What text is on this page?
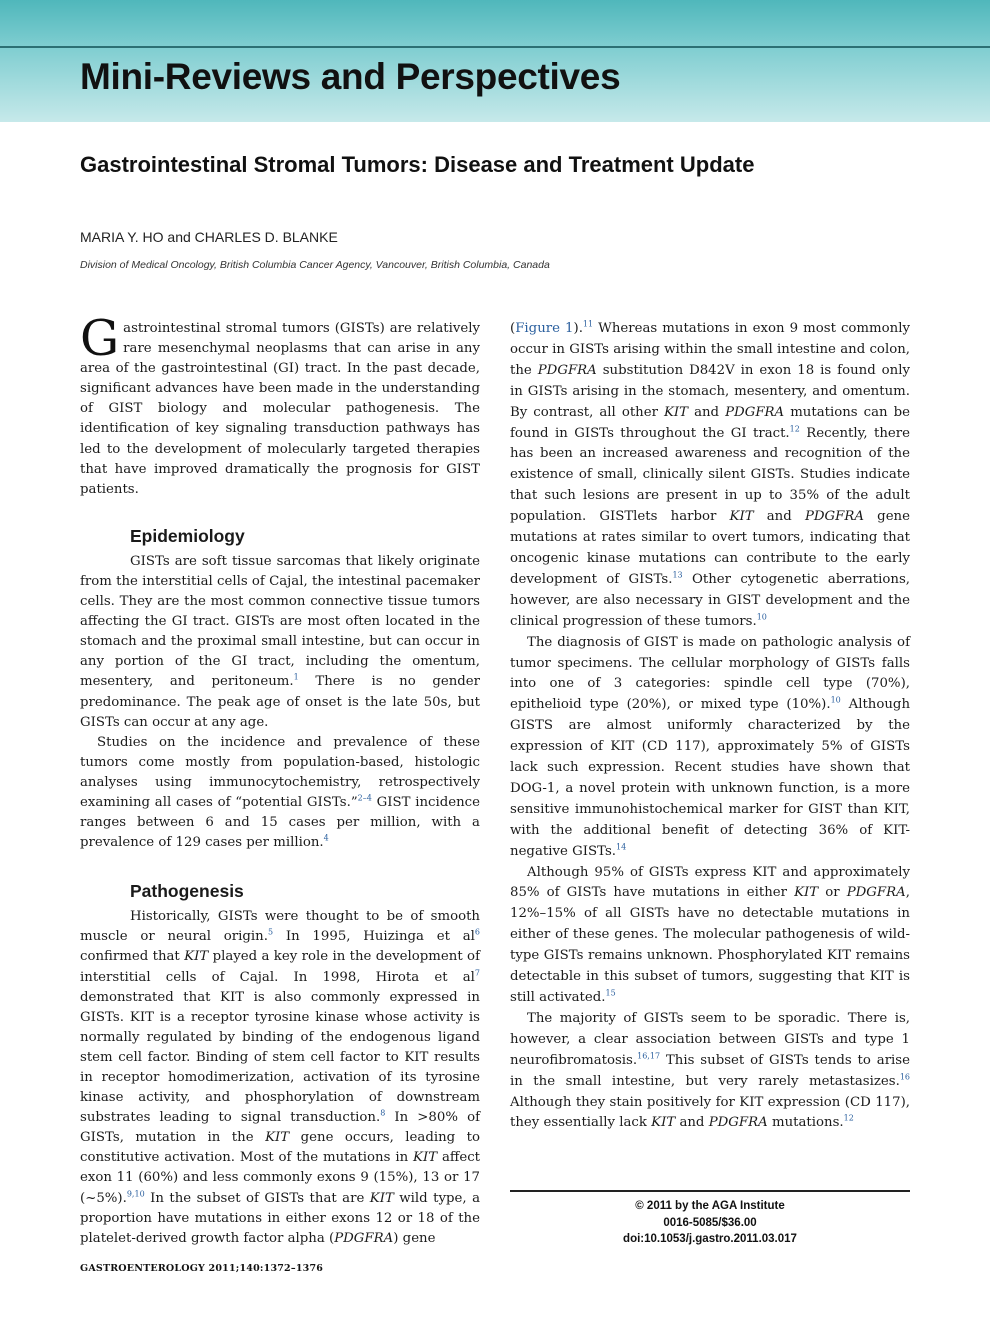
Mini-Reviews and Perspectives
Gastrointestinal Stromal Tumors: Disease and Treatment Update
MARIA Y. HO and CHARLES D. BLANKE
Division of Medical Oncology, British Columbia Cancer Agency, Vancouver, British Columbia, Canada

Gastrointestinal stromal tumors (GISTs) are relatively rare mesenchymal neoplasms that can arise in any area of the gastrointestinal (GI) tract. In the past decade, significant advances have been made in the understanding of GIST biology and molecular pathogenesis. The identification of key signaling transduction pathways has led to the development of molecularly targeted therapies that have improved dramatically the prognosis for GIST patients.

Epidemiology

GISTs are soft tissue sarcomas that likely originate from the interstitial cells of Cajal, the intestinal pacemaker cells. They are the most common connective tissue tumors affecting the GI tract. GISTs are most often located in the stomach and the proximal small intestine, but can occur in any portion of the GI tract, including the omentum, mesentery, and peritoneum.$^1$ There is no gender predominance. The peak age of onset is the late 50s, but GISTs can occur at any age.

Studies on the incidence and prevalence of these tumors come mostly from population-based, histologic analyses using immunocytochemistry, retrospectively examining all cases of “potential GISTs.”$^{2-4}$ GIST incidence ranges between 6 and 15 cases per million, with a prevalence of 129 cases per million.$^4$

Pathogenesis

Historically, GISTs were thought to be of smooth muscle or neural origin.$^5$ In 1995, Huizinga et $al^6$ confirmed that KIT played a key role in the development of interstitial cells of Cajal. In 1998, Hirota et $al^7$ demonstrated that KIT is also commonly expressed in GISTs. KIT is a receptor tyrosine kinase whose activity is normally regulated by binding of the endogenous ligand stem cell factor. Binding of stem cell factor to KIT results in receptor homodimerization, activation of its tyrosine kinase activity, and phosphorylation of downstream substrates leading to signal transduction.$^8$ In >80% of GISTs, mutation in the KIT gene occurs, leading to constitutive activation. Most of the mutations in KIT affect exon 11 (60%) and less commonly exons 9 (15%), 13 or 17 (~5%).$^{9,10}$ In the subset of GISTs that are KIT wild type, a proportion have mutations in either exons 12 or 18 of the platelet-derived growth factor alpha (PDGFRA) gene

(Figure 1).$^{11}$ Whereas mutations in exon 9 most commonly occur in GISTs arising within the small intestine and colon, the PDGFRA substitution D842V in exon 18 is found only in GISTs arising in the stomach, mesentery, and omentum. By contrast, all other KIT and PDGFRA mutations can be found in GISTs throughout the GI tract.$^{12}$ Recently, there has been an increased awareness and recognition of the existence of small, clinically silent GISTs. Studies indicate that such lesions are present in up to 35% of the adult population. GISTlets harbor KIT and PDGFRA gene mutations at rates similar to overt tumors, indicating that oncogenic kinase mutations can contribute to the early development of GISTs.$^{13}$ Other cytogenetic aberrations, however, are also necessary in GIST development and the clinical progression of these tumors.$^{10}$

The diagnosis of GIST is made on pathologic analysis of tumor specimens. The cellular morphology of GISTs falls into one of 3 categories: spindle cell type (70%), epithelioid type (20%), or mixed type (10%).$^{10}$ Although GISTS are almost uniformly characterized by the expression of KIT (CD 117), approximately 5% of GISTs lack such expression. Recent studies have shown that DOG-1, a novel protein with unknown function, is a more sensitive immunohistochemical marker for GIST than KIT, with the additional benefit of detecting 36% of KIT-negative GISTs.$^{14}$

Although 95% of GISTs express KIT and approximately 85% of GISTs have mutations in either KIT or PDGFRA, 12%–15% of all GISTs have no detectable mutations in either of these genes. The molecular pathogenesis of wild-type GISTs remains unknown. Phosphorylated KIT remains detectable in this subset of tumors, suggesting that KIT is still activated.$^{15}$

The majority of GISTs seem to be sporadic. There is, however, a clear association between GISTs and type 1 neurofibromatosis.$^{16,17}$ This subset of GISTs tends to arise in the small intestine, but very rarely metastasizes.$^{16}$ Although they stain positively for KIT expression (CD 117), they essentially lack KIT and PDGFRA mutations.$^{12}$

© 2011 by the AGA Institute
0016-5085/$36.00
doi:10.1053/j.gastro.2011.03.017
GASTROENTEROLOGY 2011;140:1372–1376
